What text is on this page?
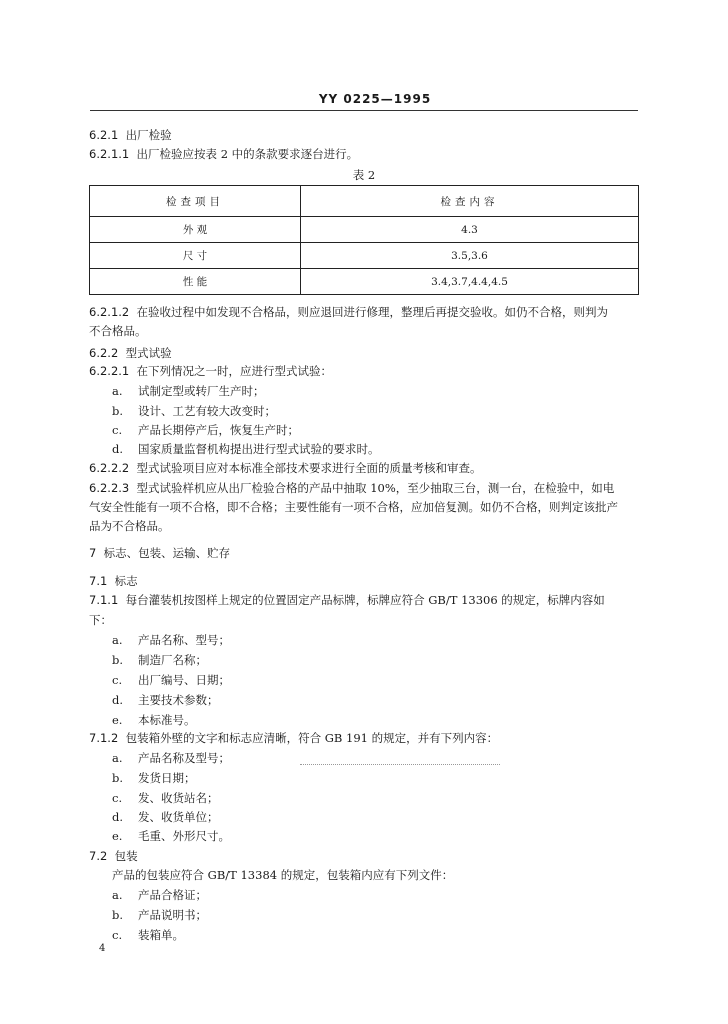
YY 0225—1995
6.2.1 出厂检验
6.2.1.1 出厂检验应按表 2 中的条款要求逐台进行。
表 2
检查项目	检查内容
外 观	4.3
尺 寸	3.5,3.6
性 能	3.4,3.7,4.4,4.5
6.2.1.2 在验收过程中如发现不合格品，则应退回进行修理，整理后再提交验收。如仍不合格，则判为
不合格品。
6.2.2 型式试验
6.2.2.1 在下列情况之一时，应进行型式试验：
a. 试制定型或转厂生产时；
b. 设计、工艺有较大改变时；
c. 产品长期停产后，恢复生产时；
d. 国家质量监督机构提出进行型式试验的要求时。
6.2.2.2 型式试验项目应对本标准全部技术要求进行全面的质量考核和审查。
6.2.2.3 型式试验样机应从出厂检验合格的产品中抽取 10%，至少抽取三台，测一台，在检验中，如电
气安全性能有一项不合格，即不合格；主要性能有一项不合格，应加倍复测。如仍不合格，则判定该批产
品为不合格品。
7 标志、包装、运输、贮存
7.1 标志
7.1.1 每台灌装机按图样上规定的位置固定产品标牌，标牌应符合 GB/T 13306 的规定，标牌内容如
下：
a. 产品名称、型号；
b. 制造厂名称；
c. 出厂编号、日期；
d. 主要技术参数；
e. 本标准号。
7.1.2 包装箱外壁的文字和标志应清晰，符合 GB 191 的规定，并有下列内容：
a. 产品名称及型号；
b. 发货日期；
c. 发、收货站名；
d. 发、收货单位；
e. 毛重、外形尺寸。
7.2 包装
产品的包装应符合 GB/T 13384 的规定，包装箱内应有下列文件：
a. 产品合格证；
b. 产品说明书；
c. 装箱单。
4
